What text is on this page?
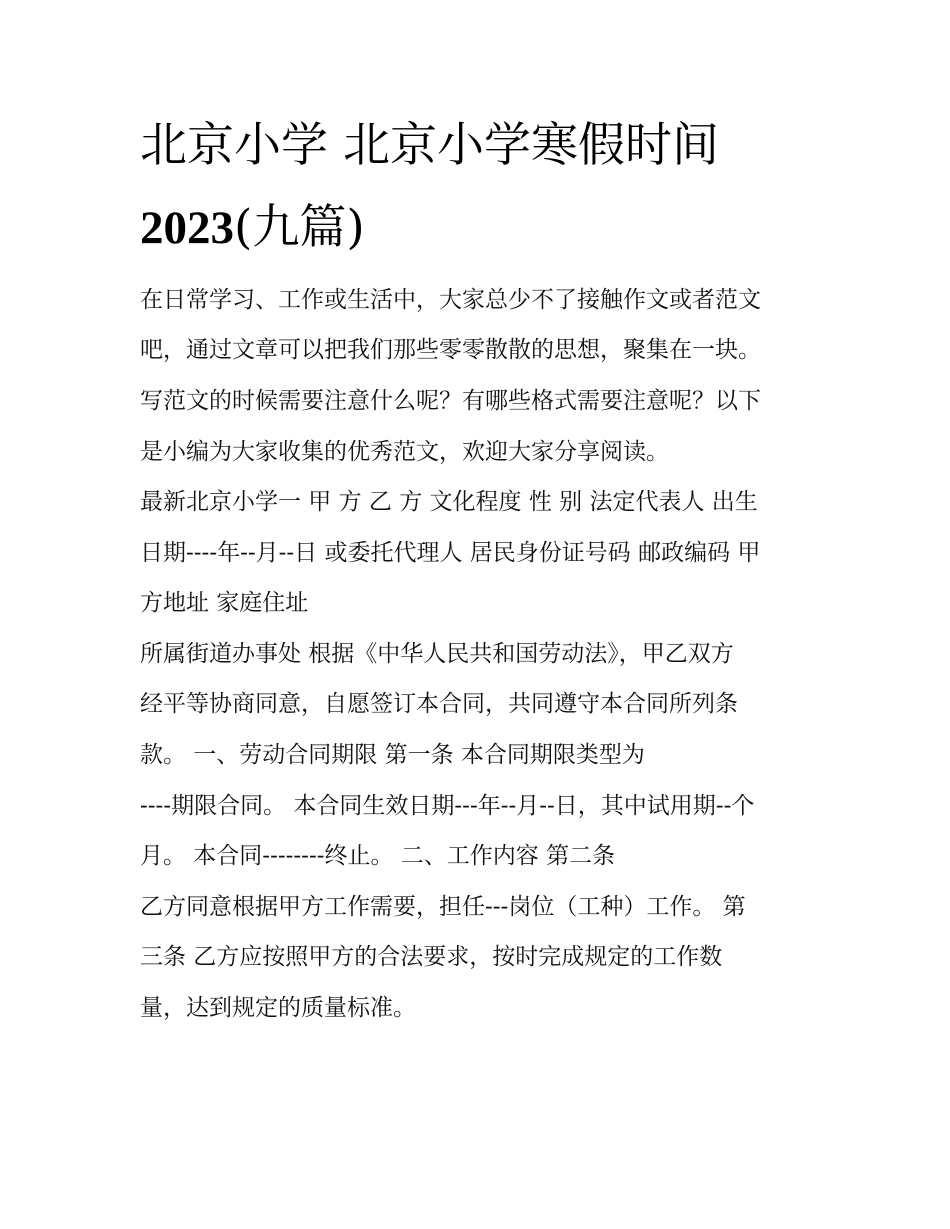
北京小学 北京小学寒假时间
2023(九篇)

在日常学习、工作或生活中，大家总少不了接触作文或者范文

吧，通过文章可以把我们那些零零散散的思想，聚集在一块。

写范文的时候需要注意什么呢？有哪些格式需要注意呢？以下

是小编为大家收集的优秀范文，欢迎大家分享阅读。

最新北京小学一 甲 方 乙 方 文化程度 性 别 法定代表人 出生

日期----年--月--日 或委托代理人 居民身份证号码 邮政编码 甲

方地址 家庭住址

所属街道办事处 根据《中华人民共和国劳动法》，甲乙双方

经平等协商同意，自愿签订本合同，共同遵守本合同所列条

款。 一、劳动合同期限 第一条 本合同期限类型为

----期限合同。 本合同生效日期---年--月--日，其中试用期--个

月。 本合同--------终止。 二、工作内容 第二条

乙方同意根据甲方工作需要，担任---岗位（工种）工作。 第

三条 乙方应按照甲方的合法要求，按时完成规定的工作数

量，达到规定的质量标准。
